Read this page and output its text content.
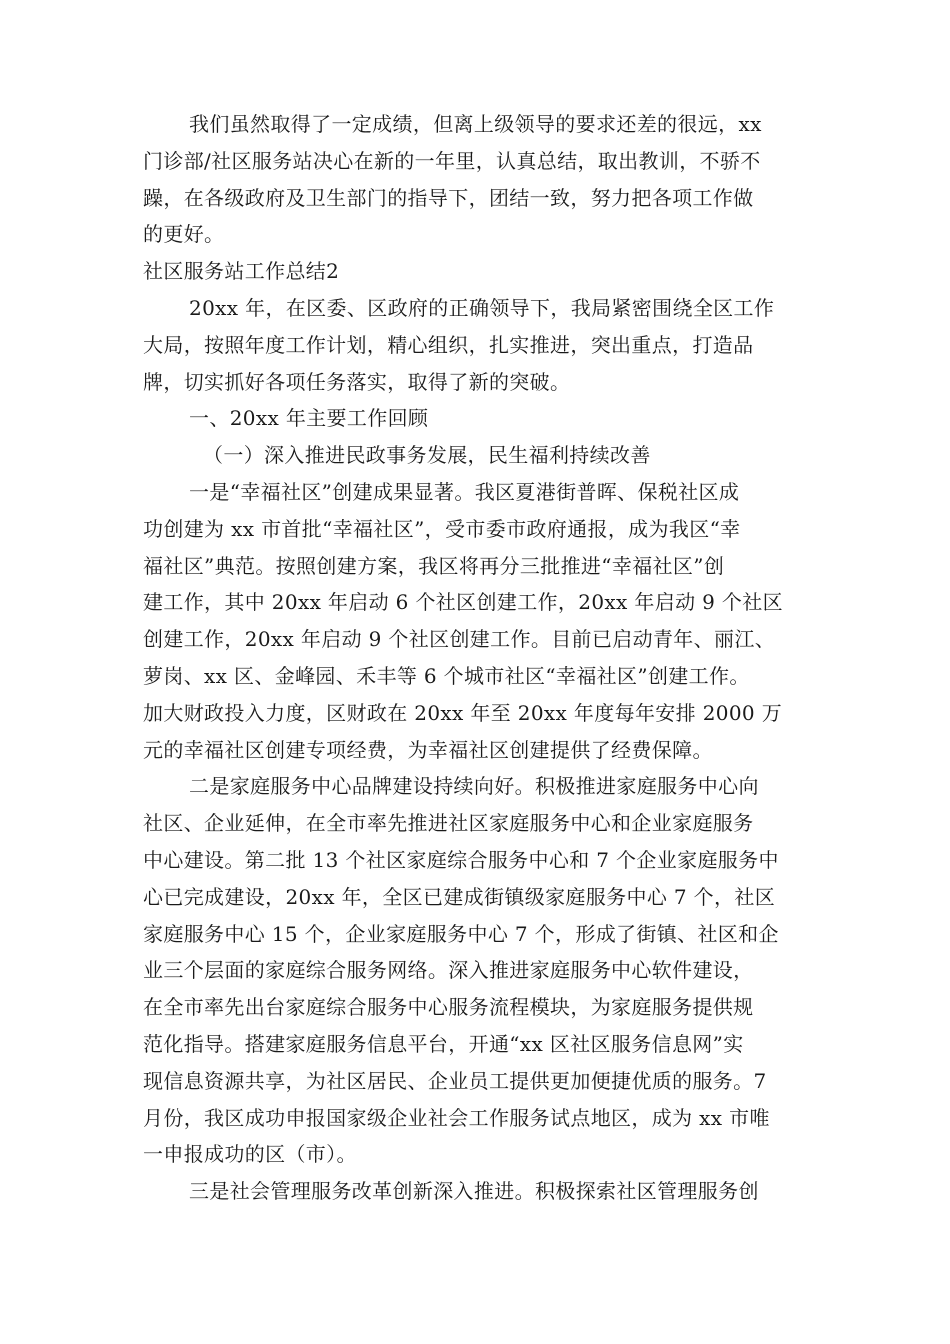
我们虽然取得了一定成绩，但离上级领导的要求还差的很远，xx
门诊部/社区服务站决心在新的一年里，认真总结，取出教训，不骄不
躁，在各级政府及卫生部门的指导下，团结一致，努力把各项工作做
的更好。
社区服务站工作总结2
20xx 年，在区委、区政府的正确领导下，我局紧密围绕全区工作
大局，按照年度工作计划，精心组织，扎实推进，突出重点，打造品
牌，切实抓好各项任务落实，取得了新的突破。
一、20xx 年主要工作回顾
（一）深入推进民政事务发展，民生福利持续改善
一是“幸福社区”创建成果显著。我区夏港街普晖、保税社区成
功创建为 xx 市首批“幸福社区”，受市委市政府通报，成为我区“幸
福社区”典范。按照创建方案，我区将再分三批推进“幸福社区”创
建工作，其中 20xx 年启动 6 个社区创建工作，20xx 年启动 9 个社区
创建工作，20xx 年启动 9 个社区创建工作。目前已启动青年、丽江、
萝岗、xx 区、金峰园、禾丰等 6 个城市社区“幸福社区”创建工作。
加大财政投入力度，区财政在 20xx 年至 20xx 年度每年安排 2000 万
元的幸福社区创建专项经费，为幸福社区创建提供了经费保障。
二是家庭服务中心品牌建设持续向好。积极推进家庭服务中心向
社区、企业延伸，在全市率先推进社区家庭服务中心和企业家庭服务
中心建设。第二批 13 个社区家庭综合服务中心和 7 个企业家庭服务中
心已完成建设，20xx 年，全区已建成街镇级家庭服务中心 7 个，社区
家庭服务中心 15 个，企业家庭服务中心 7 个，形成了街镇、社区和企
业三个层面的家庭综合服务网络。深入推进家庭服务中心软件建设，
在全市率先出台家庭综合服务中心服务流程模块，为家庭服务提供规
范化指导。搭建家庭服务信息平台，开通“xx 区社区服务信息网”实
现信息资源共享，为社区居民、企业员工提供更加便捷优质的服务。7
月份，我区成功申报国家级企业社会工作服务试点地区，成为 xx 市唯
一申报成功的区（市）。
三是社会管理服务改革创新深入推进。积极探索社区管理服务创
